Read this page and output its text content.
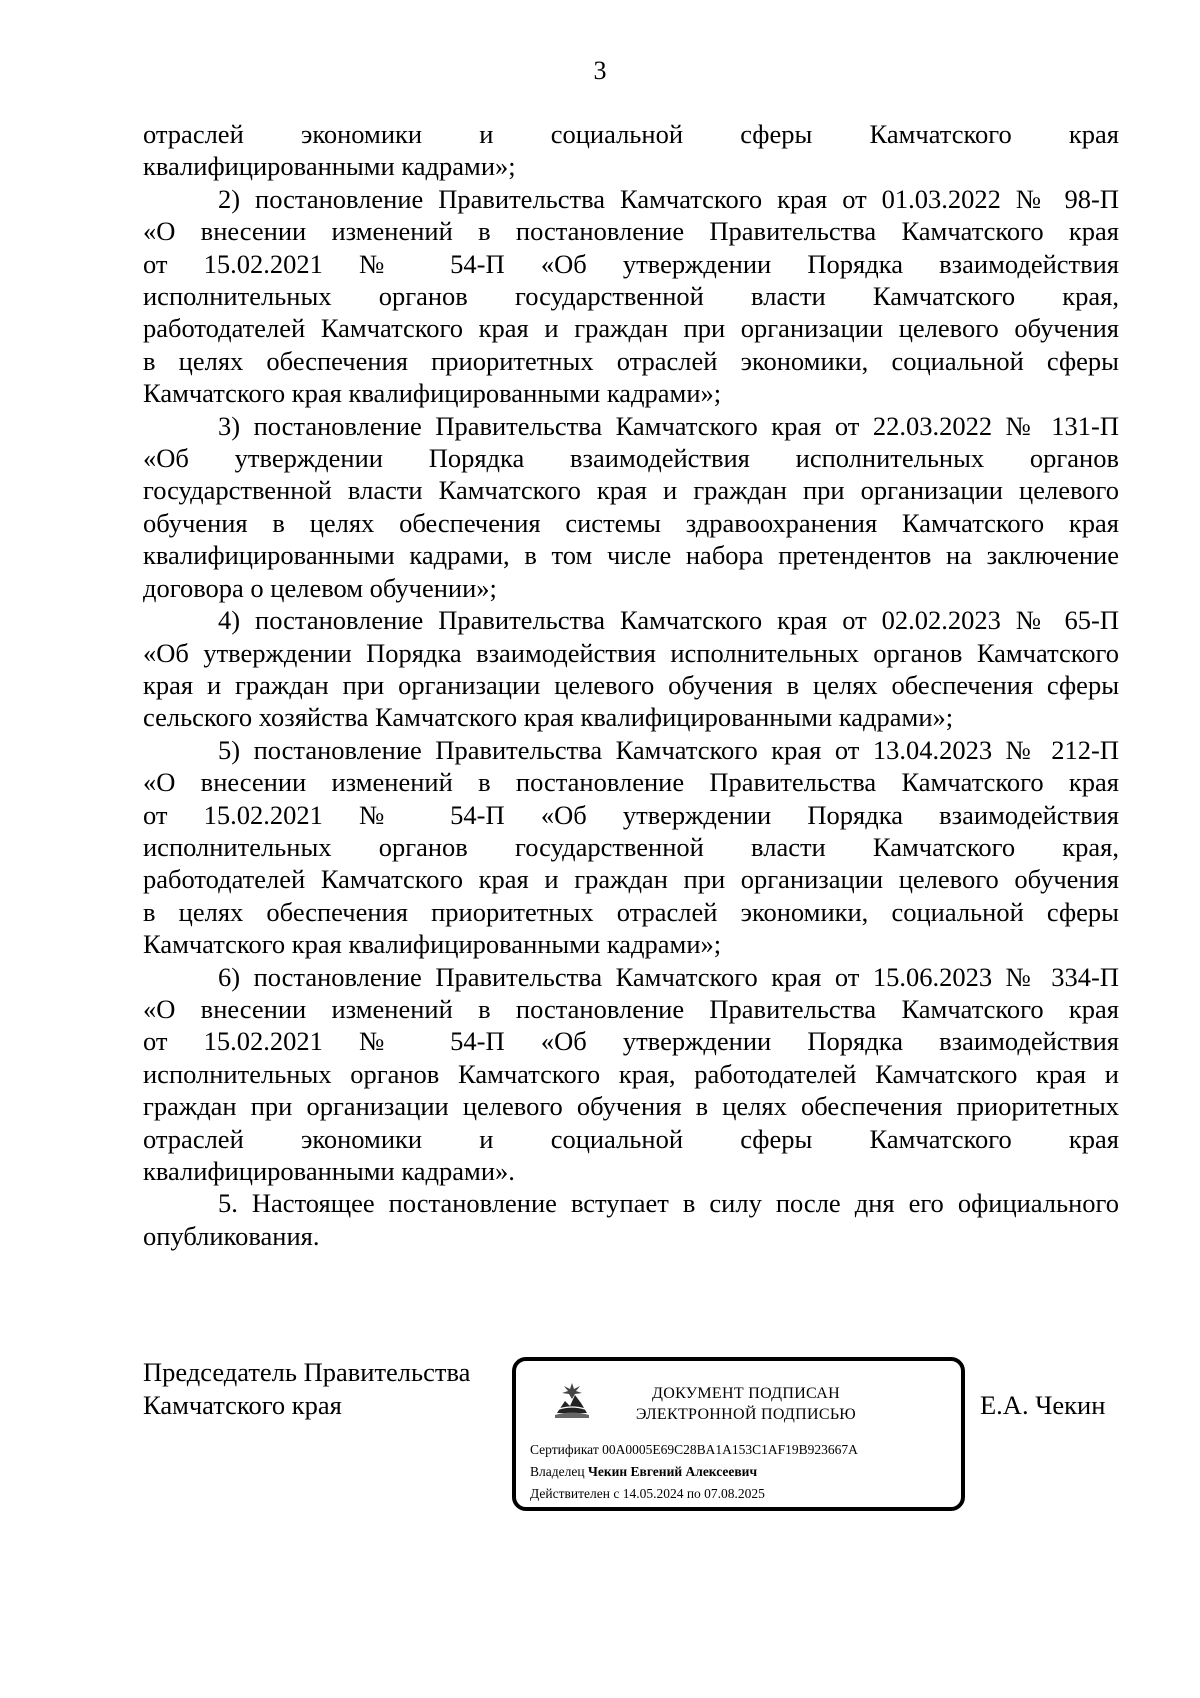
3
отраслей экономики и социальной сферы Камчатского края
квалифицированными кадрами»;
2) постановление Правительства Камчатского края от 01.03.2022 № 98-П
«О внесении изменений в постановление Правительства Камчатского края
от 15.02.2021 № 54-П «Об утверждении Порядка взаимодействия
исполнительных органов государственной власти Камчатского края,
работодателей Камчатского края и граждан при организации целевого обучения
в целях обеспечения приоритетных отраслей экономики, социальной сферы
Камчатского края квалифицированными кадрами»;
3) постановление Правительства Камчатского края от 22.03.2022 № 131-П
«Об утверждении Порядка взаимодействия исполнительных органов
государственной власти Камчатского края и граждан при организации целевого
обучения в целях обеспечения системы здравоохранения Камчатского края
квалифицированными кадрами, в том числе набора претендентов на заключение
договора о целевом обучении»;
4) постановление Правительства Камчатского края от 02.02.2023 № 65-П
«Об утверждении Порядка взаимодействия исполнительных органов Камчатского
края и граждан при организации целевого обучения в целях обеспечения сферы
сельского хозяйства Камчатского края квалифицированными кадрами»;
5) постановление Правительства Камчатского края от 13.04.2023 № 212-П
«О внесении изменений в постановление Правительства Камчатского края
от 15.02.2021 № 54-П «Об утверждении Порядка взаимодействия
исполнительных органов государственной власти Камчатского края,
работодателей Камчатского края и граждан при организации целевого обучения
в целях обеспечения приоритетных отраслей экономики, социальной сферы
Камчатского края квалифицированными кадрами»;
6) постановление Правительства Камчатского края от 15.06.2023 № 334-П
«О внесении изменений в постановление Правительства Камчатского края
от 15.02.2021 № 54-П «Об утверждении Порядка взаимодействия
исполнительных органов Камчатского края, работодателей Камчатского края и
граждан при организации целевого обучения в целях обеспечения приоритетных
отраслей экономики и социальной сферы Камчатского края
квалифицированными кадрами».
5. Настоящее постановление вступает в силу после дня его официального
опубликования.
Председатель Правительства
Камчатского края	ДОКУМЕНТ ПОДПИСАН
ЭЛЕКТРОННОЙ ПОДПИСЬЮ
Сертификат 00A0005E69C28BA1A153C1AF19B923667A
Владелец Чекин Евгений Алексеевич
Действителен с 14.05.2024 по 07.08.2025
Е.А. Чекин
